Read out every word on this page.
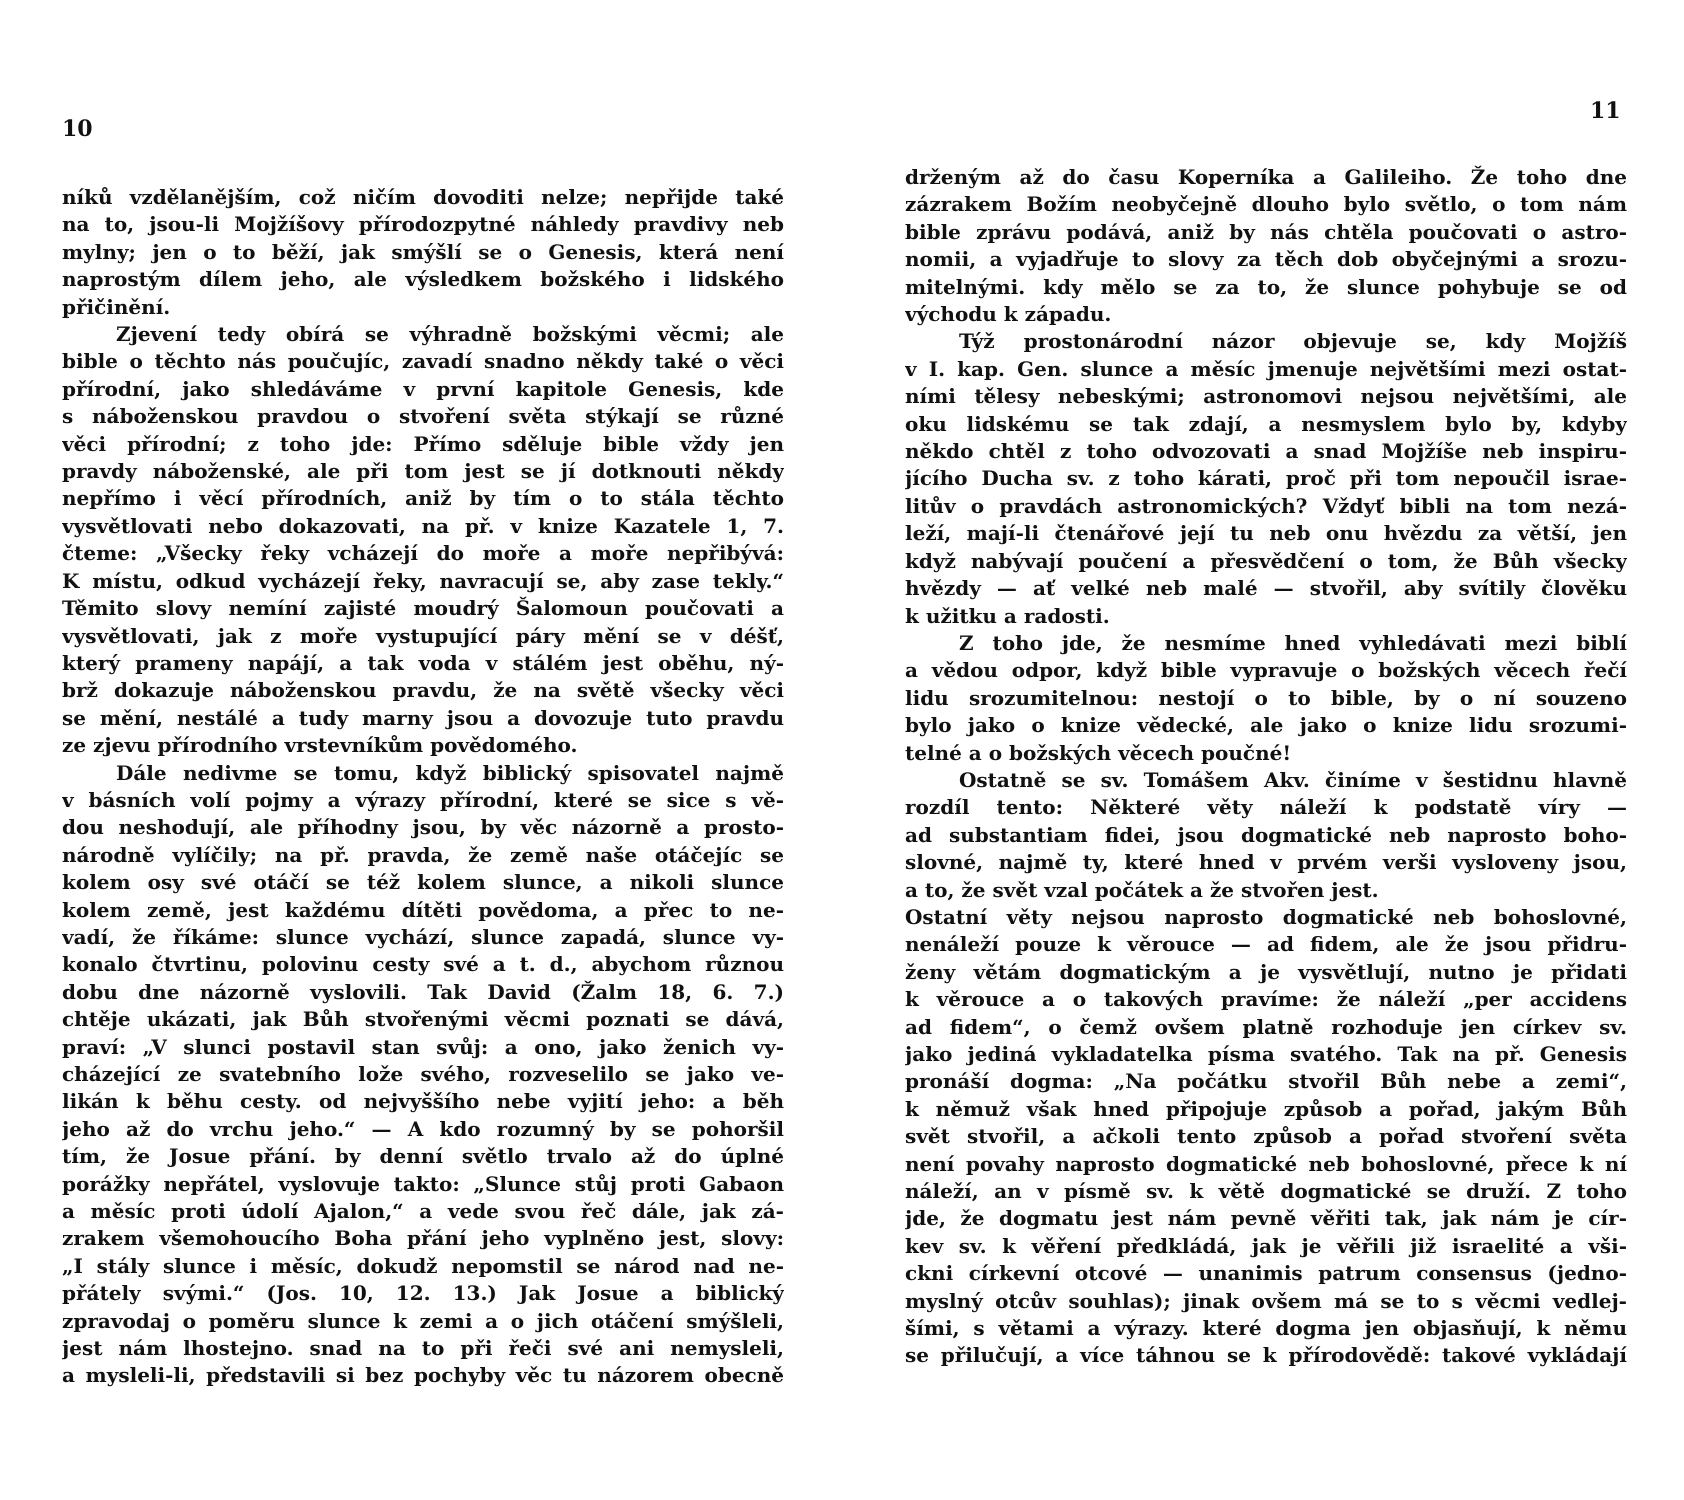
10
11
níků vzdělanějším, což ničím dovoditi nelze; nepřijde také
na to, jsou-li Mojžíšovy přírodozpytné náhledy pravdivy neb
mylny; jen o to běží, jak smýšlí se o Genesis, která není
naprostým dílem jeho, ale výsledkem božského i lidského
přičinění.
Zjevení tedy obírá se výhradně božskými věcmi; ale
bible o těchto nás poučujíc, zavadí snadno někdy také o věci
přírodní, jako shledáváme v první kapitole Genesis, kde
s náboženskou pravdou o stvoření světa stýkají se různé
věci přírodní; z toho jde: Přímo sděluje bible vždy jen
pravdy náboženské, ale při tom jest se jí dotknouti někdy
nepřímo i věcí přírodních, aniž by tím o to stála těchto
vysvětlovati nebo dokazovati, na př. v knize Kazatele 1, 7.
čteme: „Všecky řeky vcházejí do moře a moře nepřibývá:
K místu, odkud vycházejí řeky, navracují se, aby zase tekly.“
Těmito slovy nemíní zajisté moudrý Šalomoun poučovati a
vysvětlovati, jak z moře vystupující páry mění se v déšť,
který prameny napájí, a tak voda v stálém jest oběhu, ný-
brž dokazuje náboženskou pravdu, že na světě všecky věci
se mění, nestálé a tudy marny jsou a dovozuje tuto pravdu
ze zjevu přírodního vrstevníkům povědomého.
Dále nedivme se tomu, když biblický spisovatel najmě
v básních volí pojmy a výrazy přírodní, které se sice s vě-
dou neshodují, ale příhodny jsou, by věc názorně a prosto-
národně vylíčily; na př. pravda, že země naše otáčejíc se
kolem osy své otáčí se též kolem slunce, a nikoli slunce
kolem země, jest každému dítěti povědoma, a přec to ne-
vadí, že říkáme: slunce vychází, slunce zapadá, slunce vy-
konalo čtvrtinu, polovinu cesty své a t. d., abychom různou
dobu dne názorně vyslovili. Tak David (Žalm 18, 6. 7.)
chtěje ukázati, jak Bůh stvořenými věcmi poznati se dává,
praví: „V slunci postavil stan svůj: a ono, jako ženich vy-
cházející ze svatebního lože svého, rozveselilo se jako ve-
likán k běhu cesty. od nejvyššího nebe vyjití jeho: a běh
jeho až do vrchu jeho.“ — A kdo rozumný by se pohoršil
tím, že Josue přání. by denní světlo trvalo až do úplné
porážky nepřátel, vyslovuje takto: „Slunce stůj proti Gabaon
a měsíc proti údolí Ajalon,“ a vede svou řeč dále, jak zá-
zrakem všemohoucího Boha přání jeho vyplněno jest, slovy:
„I stály slunce i měsíc, dokudž nepomstil se národ nad ne-
přátely svými.“ (Jos. 10, 12. 13.) Jak Josue a biblický
zpravodaj o poměru slunce k zemi a o jich otáčení smýšleli,
jest nám lhostejno. snad na to při řeči své ani nemysleli,
a mysleli-li, představili si bez pochyby věc tu názorem obecně
drženým až do času Koperníka a Galileiho. Že toho dne
zázrakem Božím neobyčejně dlouho bylo světlo, o tom nám
bible zprávu podává, aniž by nás chtěla poučovati o astro-
nomii, a vyjadřuje to slovy za těch dob obyčejnými a srozu-
mitelnými. kdy mělo se za to, že slunce pohybuje se od
východu k západu.
Týž prostonárodní názor objevuje se, kdy Mojžíš
v I. kap. Gen. slunce a měsíc jmenuje největšími mezi ostat-
ními tělesy nebeskými; astronomovi nejsou největšími, ale
oku lidskému se tak zdají, a nesmyslem bylo by, kdyby
někdo chtěl z toho odvozovati a snad Mojžíše neb inspiru-
jícího Ducha sv. z toho kárati, proč při tom nepoučil israe-
litův o pravdách astronomických? Vždyť bibli na tom nezá-
leží, mají-li čtenářové její tu neb onu hvězdu za větší, jen
když nabývají poučení a přesvědčení o tom, že Bůh všecky
hvězdy — ať velké neb malé — stvořil, aby svítily člověku
k užitku a radosti.
Z toho jde, že nesmíme hned vyhledávati mezi biblí
a vědou odpor, když bible vypravuje o božských věcech řečí
lidu srozumitelnou: nestojí o to bible, by o ní souzeno
bylo jako o knize vědecké, ale jako o knize lidu srozumi-
telné a o božských věcech poučné!
Ostatně se sv. Tomášem Akv. činíme v šestidnu hlavně
rozdíl tento: Některé věty náleží k podstatě víry —
ad substantiam fidei, jsou dogmatické neb naprosto boho-
slovné, najmě ty, které hned v prvém verši vysloveny jsou,
a to, že svět vzal počátek a že stvořen jest.
Ostatní věty nejsou naprosto dogmatické neb bohoslovné,
nenáleží pouze k věrouce — ad fidem, ale že jsou přidru-
ženy větám dogmatickým a je vysvětlují, nutno je přidati
k věrouce a o takových pravíme: že náleží „per accidens
ad fidem“, o čemž ovšem platně rozhoduje jen církev sv.
jako jediná vykladatelka písma svatého. Tak na př. Genesis
pronáší dogma: „Na počátku stvořil Bůh nebe a zemi“,
k němuž však hned připojuje způsob a pořad, jakým Bůh
svět stvořil, a ačkoli tento způsob a pořad stvoření světa
není povahy naprosto dogmatické neb bohoslovné, přece k ní
náleží, an v písmě sv. k větě dogmatické se druží. Z toho
jde, že dogmatu jest nám pevně věřiti tak, jak nám je cír-
kev sv. k věření předkládá, jak je věřili již israelité a vši-
ckni církevní otcové — unanimis patrum consensus (jedno-
myslný otcův souhlas); jinak ovšem má se to s věcmi vedlej-
šími, s větami a výrazy. které dogma jen objasňují, k němu
se přilučují, a více táhnou se k přírodovědě: takové vykládají
